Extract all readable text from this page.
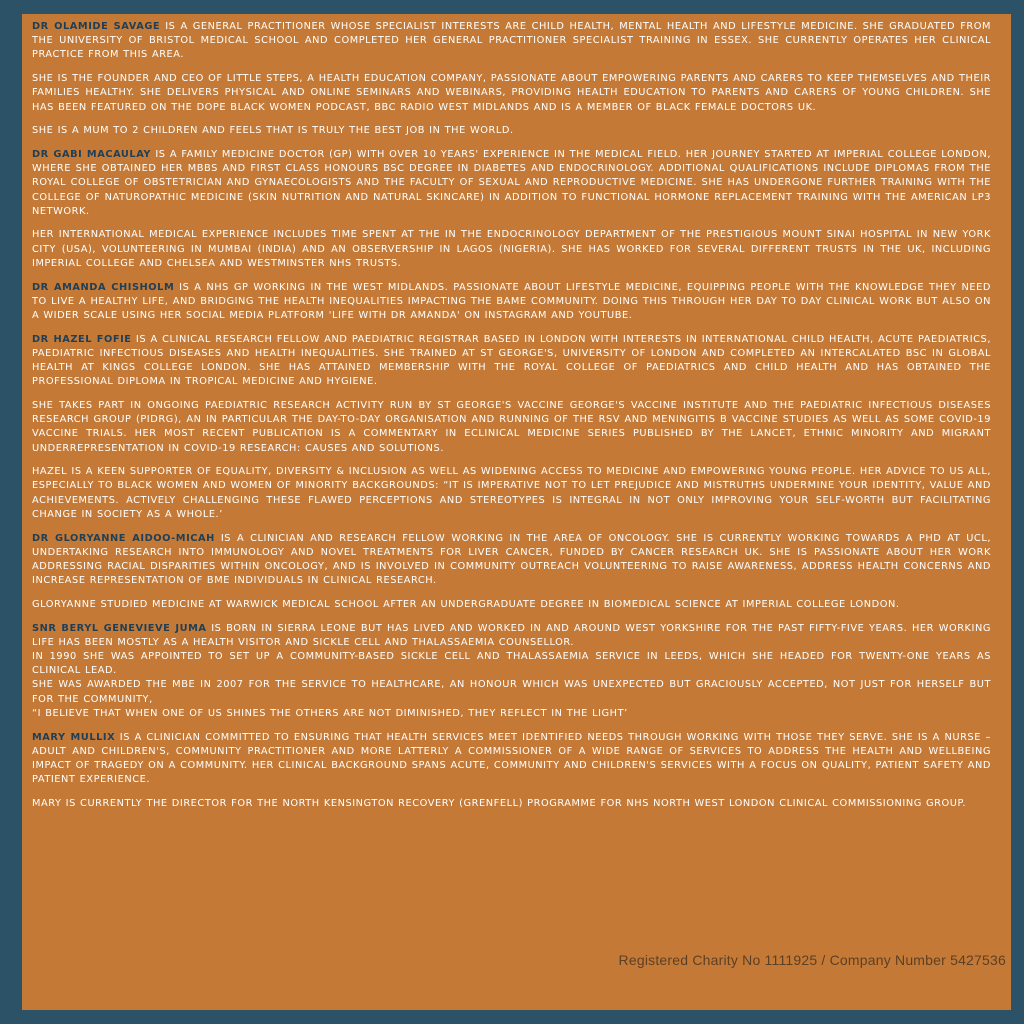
DR OLAMIDE SAVAGE IS A GENERAL PRACTITIONER WHOSE SPECIALIST INTERESTS ARE CHILD HEALTH, MENTAL HEALTH AND LIFESTYLE MEDICINE. SHE GRADUATED FROM THE UNIVERSITY OF BRISTOL MEDICAL SCHOOL AND COMPLETED HER GENERAL PRACTITIONER SPECIALIST TRAINING IN ESSEX. SHE CURRENTLY OPERATES HER CLINICAL PRACTICE FROM THIS AREA.

SHE IS THE FOUNDER AND CEO OF LITTLE STEPS, A HEALTH EDUCATION COMPANY, PASSIONATE ABOUT EMPOWERING PARENTS AND CARERS TO KEEP THEMSELVES AND THEIR FAMILIES HEALTHY. SHE DELIVERS PHYSICAL AND ONLINE SEMINARS AND WEBINARS, PROVIDING HEALTH EDUCATION TO PARENTS AND CARERS OF YOUNG CHILDREN. SHE HAS BEEN FEATURED ON THE DOPE BLACK WOMEN PODCAST, BBC RADIO WEST MIDLANDS AND IS A MEMBER OF BLACK FEMALE DOCTORS UK.

SHE IS A MUM TO 2 CHILDREN AND FEELS THAT IS TRULY THE BEST JOB IN THE WORLD.

DR GABI MACAULAY IS A FAMILY MEDICINE DOCTOR (GP) WITH OVER 10 YEARS' EXPERIENCE IN THE MEDICAL FIELD. HER JOURNEY STARTED AT IMPERIAL COLLEGE LONDON, WHERE SHE OBTAINED HER MBBS AND FIRST CLASS HONOURS BSC DEGREE IN DIABETES AND ENDOCRINOLOGY. ADDITIONAL QUALIFICATIONS INCLUDE DIPLOMAS FROM THE ROYAL COLLEGE OF OBSTETRICIAN AND GYNAECOLOGISTS AND THE FACULTY OF SEXUAL AND REPRODUCTIVE MEDICINE. SHE HAS UNDERGONE FURTHER TRAINING WITH THE COLLEGE OF NATUROPATHIC MEDICINE (SKIN NUTRITION AND NATURAL SKINCARE) IN ADDITION TO FUNCTIONAL HORMONE REPLACEMENT TRAINING WITH THE AMERICAN LP3 NETWORK.

HER INTERNATIONAL MEDICAL EXPERIENCE INCLUDES TIME SPENT AT THE IN THE ENDOCRINOLOGY DEPARTMENT OF THE PRESTIGIOUS MOUNT SINAI HOSPITAL IN NEW YORK CITY (USA), VOLUNTEERING IN MUMBAI (INDIA) AND AN OBSERVERSHIP IN LAGOS (NIGERIA). SHE HAS WORKED FOR SEVERAL DIFFERENT TRUSTS IN THE UK, INCLUDING IMPERIAL COLLEGE AND CHELSEA AND WESTMINSTER NHS TRUSTS.

DR AMANDA CHISHOLM IS A NHS GP WORKING IN THE WEST MIDLANDS. PASSIONATE ABOUT LIFESTYLE MEDICINE, EQUIPPING PEOPLE WITH THE KNOWLEDGE THEY NEED TO LIVE A HEALTHY LIFE, AND BRIDGING THE HEALTH INEQUALITIES IMPACTING THE BAME COMMUNITY. DOING THIS THROUGH HER DAY TO DAY CLINICAL WORK BUT ALSO ON A WIDER SCALE USING HER SOCIAL MEDIA PLATFORM 'LIFE WITH DR AMANDA' ON INSTAGRAM AND YOUTUBE.

DR HAZEL FOFIE IS A CLINICAL RESEARCH FELLOW AND PAEDIATRIC REGISTRAR BASED IN LONDON WITH INTERESTS IN INTERNATIONAL CHILD HEALTH, ACUTE PAEDIATRICS, PAEDIATRIC INFECTIOUS DISEASES AND HEALTH INEQUALITIES. SHE TRAINED AT ST GEORGE'S, UNIVERSITY OF LONDON AND COMPLETED AN INTERCALATED BSC IN GLOBAL HEALTH AT KINGS COLLEGE LONDON. SHE HAS ATTAINED MEMBERSHIP WITH THE ROYAL COLLEGE OF PAEDIATRICS AND CHILD HEALTH AND HAS OBTAINED THE PROFESSIONAL DIPLOMA IN TROPICAL MEDICINE AND HYGIENE.

SHE TAKES PART IN ONGOING PAEDIATRIC RESEARCH ACTIVITY RUN BY ST GEORGE'S VACCINE GEORGE'S VACCINE INSTITUTE AND THE PAEDIATRIC INFECTIOUS DISEASES RESEARCH GROUP (PIDRG), AN IN PARTICULAR THE DAY-TO-DAY ORGANISATION AND RUNNING OF THE RSV AND MENINGITIS B VACCINE STUDIES AS WELL AS SOME COVID-19 VACCINE TRIALS. HER MOST RECENT PUBLICATION IS A COMMENTARY IN ECLINICAL MEDICINE SERIES PUBLISHED BY THE LANCET, ETHNIC MINORITY AND MIGRANT UNDERREPRESENTATION IN COVID-19 RESEARCH: CAUSES AND SOLUTIONS.

HAZEL IS A KEEN SUPPORTER OF EQUALITY, DIVERSITY & INCLUSION AS WELL AS WIDENING ACCESS TO MEDICINE AND EMPOWERING YOUNG PEOPLE. HER ADVICE TO US ALL, ESPECIALLY TO BLACK WOMEN AND WOMEN OF MINORITY BACKGROUNDS: “IT IS IMPERATIVE NOT TO LET PREJUDICE AND MISTRUTHS UNDERMINE YOUR IDENTITY, VALUE AND ACHIEVEMENTS. ACTIVELY CHALLENGING THESE FLAWED PERCEPTIONS AND STEREOTYPES IS INTEGRAL IN NOT ONLY IMPROVING YOUR SELF-WORTH BUT FACILITATING CHANGE IN SOCIETY AS A WHOLE.’

DR GLORYANNE AIDOO-MICAH IS A CLINICIAN AND RESEARCH FELLOW WORKING IN THE AREA OF ONCOLOGY. SHE IS CURRENTLY WORKING TOWARDS A PHD AT UCL, UNDERTAKING RESEARCH INTO IMMUNOLOGY AND NOVEL TREATMENTS FOR LIVER CANCER, FUNDED BY CANCER RESEARCH UK. SHE IS PASSIONATE ABOUT HER WORK ADDRESSING RACIAL DISPARITIES WITHIN ONCOLOGY, AND IS INVOLVED IN COMMUNITY OUTREACH VOLUNTEERING TO RAISE AWARENESS, ADDRESS HEALTH CONCERNS AND INCREASE REPRESENTATION OF BME INDIVIDUALS IN CLINICAL RESEARCH.

GLORYANNE STUDIED MEDICINE AT WARWICK MEDICAL SCHOOL AFTER AN UNDERGRADUATE DEGREE IN BIOMEDICAL SCIENCE AT IMPERIAL COLLEGE LONDON.

SNR BERYL GENEVIEVE JUMA IS BORN IN SIERRA LEONE BUT HAS LIVED AND WORKED IN AND AROUND WEST YORKSHIRE FOR THE PAST FIFTY-FIVE YEARS. HER WORKING LIFE HAS BEEN MOSTLY AS A HEALTH VISITOR AND SICKLE CELL AND THALASSAEMIA COUNSELLOR.
IN 1990 SHE WAS APPOINTED TO SET UP A COMMUNITY-BASED SICKLE CELL AND THALASSAEMIA SERVICE IN LEEDS, WHICH SHE HEADED FOR TWENTY-ONE YEARS AS CLINICAL LEAD.
SHE WAS AWARDED THE MBE IN 2007 FOR THE SERVICE TO HEALTHCARE, AN HONOUR WHICH WAS UNEXPECTED BUT GRACIOUSLY ACCEPTED, NOT JUST FOR HERSELF BUT FOR THE COMMUNITY,
“I BELIEVE THAT WHEN ONE OF US SHINES THE OTHERS ARE NOT DIMINISHED, THEY REFLECT IN THE LIGHT’

MARY MULLIX IS A CLINICIAN COMMITTED TO ENSURING THAT HEALTH SERVICES MEET IDENTIFIED NEEDS THROUGH WORKING WITH THOSE THEY SERVE. SHE IS A NURSE – ADULT AND CHILDREN'S, COMMUNITY PRACTITIONER AND MORE LATTERLY A COMMISSIONER OF A WIDE RANGE OF SERVICES TO ADDRESS THE HEALTH AND WELLBEING IMPACT OF TRAGEDY ON A COMMUNITY. HER CLINICAL BACKGROUND SPANS ACUTE, COMMUNITY AND CHILDREN'S SERVICES WITH A FOCUS ON QUALITY, PATIENT SAFETY AND PATIENT EXPERIENCE.

MARY IS CURRENTLY THE DIRECTOR FOR THE NORTH KENSINGTON RECOVERY (GRENFELL) PROGRAMME FOR NHS NORTH WEST LONDON CLINICAL COMMISSIONING GROUP.

Registered Charity No 1111925 / Company Number 5427536
